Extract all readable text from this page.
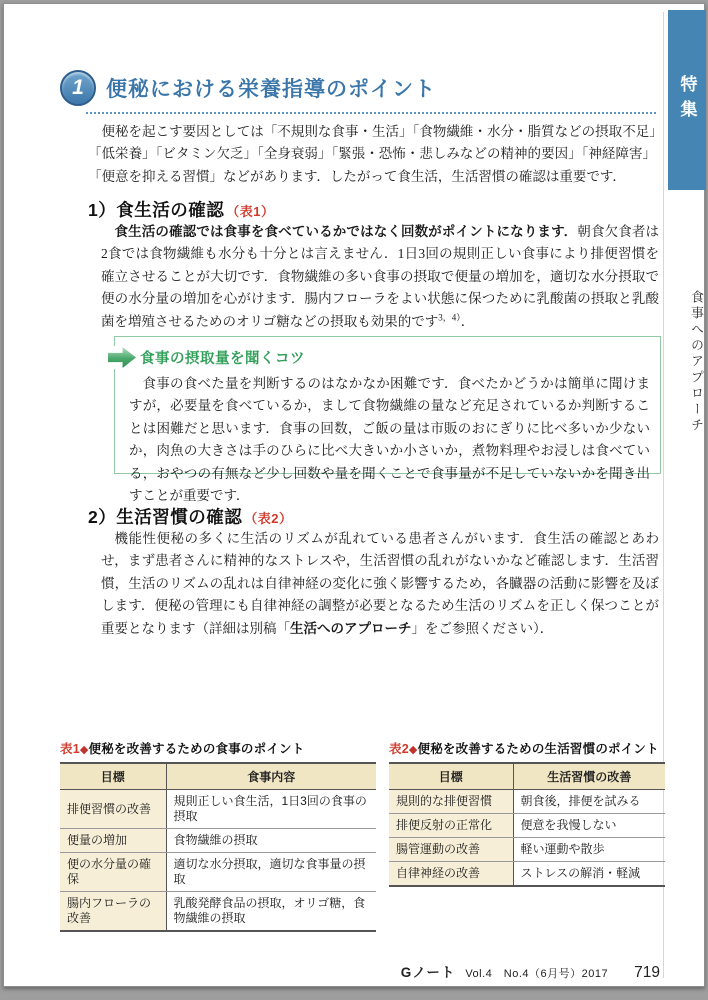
特集
食事へのアプローチ
1 便秘における栄養指導のポイント

便秘を起こす要因としては「不規則な食事・生活」「食物繊維・水分・脂質などの摂取不足」「低栄養」「ビタミン欠乏」「全身衰弱」「緊張・恐怖・悲しみなどの精神的要因」「神経障害」「便意を抑える習慣」などがあります．したがって食生活，生活習慣の確認は重要です．

1）食生活の確認 （表1）

食生活の確認では食事を食べているかではなく回数がポイントになります．朝食欠食者は2食では食物繊維も水分も十分とは言えません．1日3回の規則正しい食事により排便習慣を確立させることが大切です．食物繊維の多い食事の摂取で便量の増加を，適切な水分摂取で便の水分量の増加を心がけます．腸内フローラをよい状態に保つために乳酸菌の摂取と乳酸菌を増殖させるためのオリゴ糖などの摂取も効果的です$^{3,4)}$．

食事の摂取量を聞くコツ

食事の食べた量を判断するのはなかなか困難です．食べたかどうかは簡単に聞けますが，必要量を食べているか，まして食物繊維の量など充足されているか判断することは困難だと思います．食事の回数，ご飯の量は市販のおにぎりに比べ多いか少ないか，肉魚の大きさは手のひらに比べ大きいか小さいか，煮物料理やお浸しは食べている，おやつの有無など少し回数や量を聞くことで食事量が不足していないかを聞き出すことが重要です．

2）生活習慣の確認 （表2）

機能性便秘の多くに生活のリズムが乱れている患者さんがいます．食生活の確認とあわせ，まず患者さんに精神的なストレスや，生活習慣の乱れがないかなど確認します．生活習慣，生活のリズムの乱れは自律神経の変化に強く影響するため，各臓器の活動に影響を及ぼします．便秘の管理にも自律神経の調整が必要となるため生活のリズムを正しく保つことが重要となります（詳細は別稿「生活へのアプローチ」をご参照ください）．

表1◆便秘を改善するための食事のポイント
目標	食事内容
排便習慣の改善	規則正しい食生活，1日3回の食事の摂取
便量の増加	食物繊維の摂取
便の水分量の確保	適切な水分摂取，適切な食事量の摂取
腸内フローラの改善	乳酸発酵食品の摂取，オリゴ糖，食物繊維の摂取
表2◆便秘を改善するための生活習慣のポイント
目標	生活習慣の改善
規則的な排便習慣	朝食後，排便を試みる
排便反射の正常化	便意を我慢しない
腸管運動の改善	軽い運動や散歩
自律神経の改善	ストレスの解消・軽減
Gノート Vol.4　No.4（6月号）2017 719
